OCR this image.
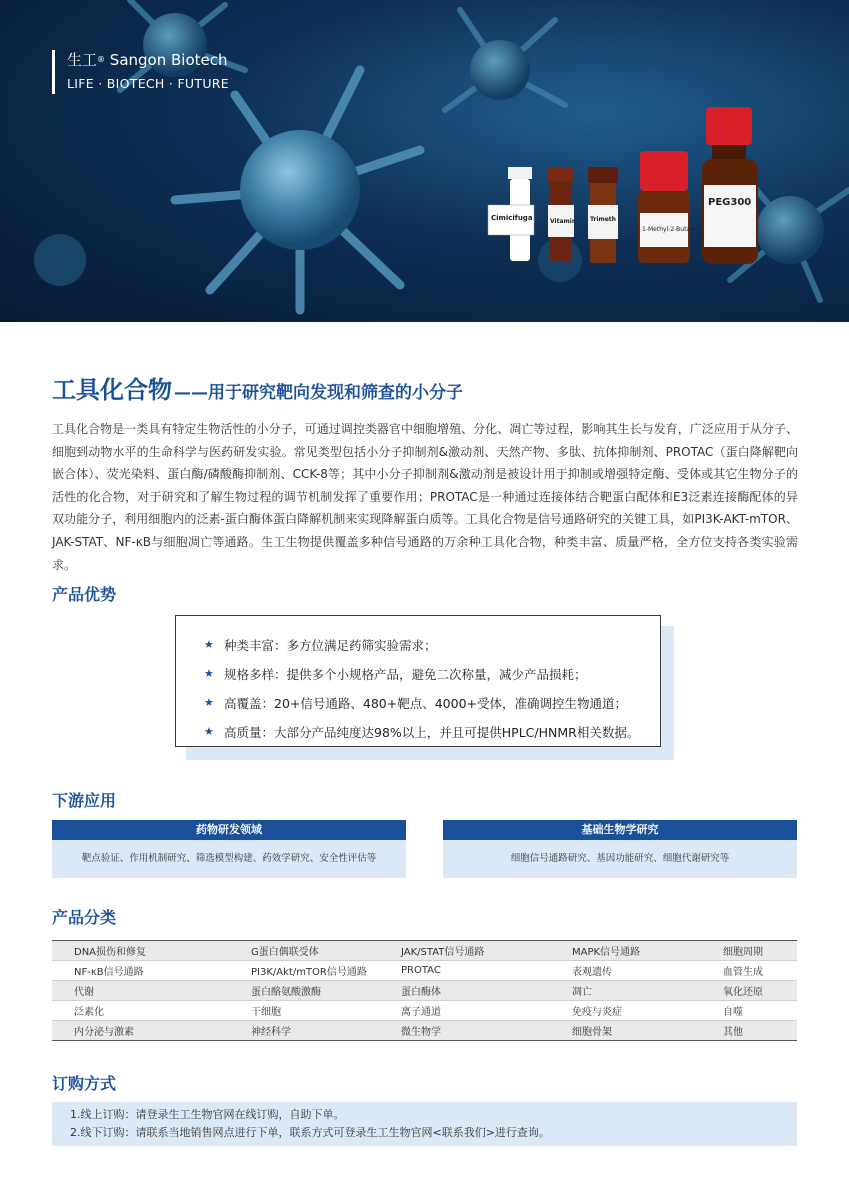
生工® Sangon Biotech
LIFE · BIOTECH · FUTURE
Cimicifuga	Vitamin Trimeth
1-Methyl-2-Butan
PEG300
工具化合物 ——用于研究靶向发现和筛查的小分子
工具化合物是一类具有特定生物活性的小分子，可通过调控类器官中细胞增殖、分化、凋亡等过程，影响其生长与发育，广泛应用于从分子、细胞到动物水平的生命科学与医药研发实验。常见类型包括小分子抑制剂&激动剂、天然产物、多肽、抗体抑制剂、PROTAC（蛋白降解靶向嵌合体）、荧光染料、蛋白酶/磷酸酶抑制剂、CCK-8等；其中小分子抑制剂&激动剂是被设计用于抑制或增强特定酶、受体或其它生物分子的活性的化合物，对于研究和了解生物过程的调节机制发挥了重要作用；PROTAC是一种通过连接体结合靶蛋白配体和E3泛素连接酶配体的异双功能分子，利用细胞内的泛素-蛋白酶体蛋白降解机制来实现降解蛋白质等。工具化合物是信号通路研究的关键工具，如PI3K-AKT-mTOR、JAK-STAT、NF-κB与细胞凋亡等通路。生工生物提供覆盖多种信号通路的万余种工具化合物，种类丰富、质量严格，全方位支持各类实验需求。
产品优势
★ 种类丰富：多方位满足药筛实验需求；
★ 规格多样：提供多个小规格产品，避免二次称量，减少产品损耗；
★ 高覆盖：20+信号通路、480+靶点、4000+受体，准确调控生物通道；
★ 高质量：大部分产品纯度达98%以上，并且可提供HPLC/HNMR相关数据。
下游应用
药物研发领域
靶点验证、作用机制研究、筛选模型构建、药效学研究、安全性评估等
基础生物学研究
细胞信号通路研究、基因功能研究、细胞代谢研究等
产品分类
DNA损伤和修复	G蛋白偶联受体	JAK/STAT信号通路	MAPK信号通路	细胞周期
NF-κB信号通路	PI3K/Akt/mTOR信号通路	PROTAC	表观遗传	血管生成
代谢	蛋白酪氨酸激酶	蛋白酶体	凋亡	氧化还原
泛素化	干细胞	离子通道	免疫与炎症	自噬
内分泌与激素	神经科学	微生物学	细胞骨架	其他
订购方式
1.线上订购：请登录生工生物官网在线订购，自助下单。
2.线下订购：请联系当地销售网点进行下单，联系方式可登录生工生物官网<联系我们>进行查询。
